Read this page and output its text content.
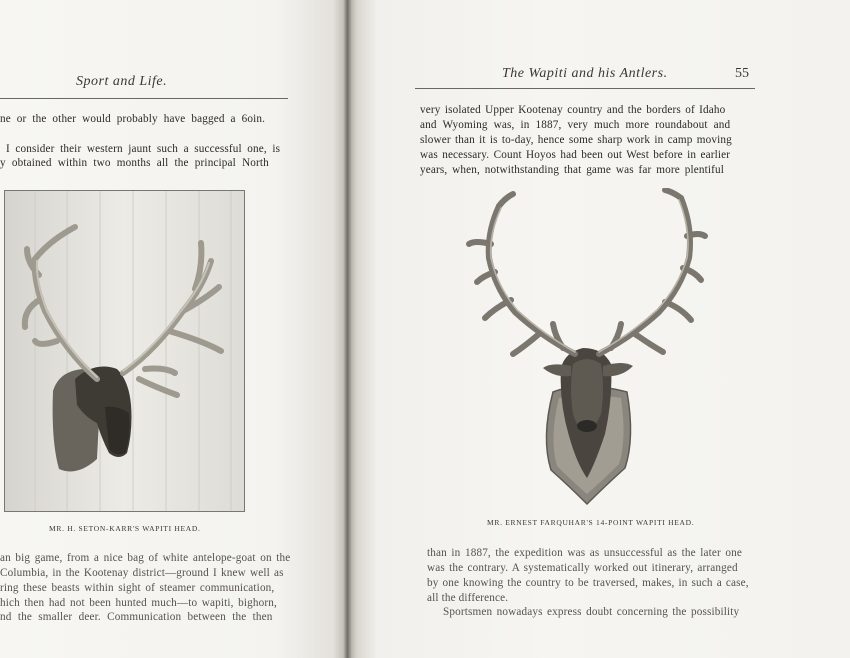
Sport and Life.
ne or the other would probably have bagged a 6oin.
I consider their western jaunt such a successful one, is
y obtained within two months all the principal North
MR. H. SETON-KARR'S WAPITI HEAD.
an big game, from a nice bag of white antelope-goat on the
Columbia, in the Kootenay district—ground I knew well as
ring these beasts within sight of steamer communication,
hich then had not been hunted much—to wapiti, bighorn,
nd the smaller deer. Communication between the then
The Wapiti and his Antlers.	55
very isolated Upper Kootenay country and the borders of Idaho
and Wyoming was, in 1887, very much more roundabout and
slower than it is to-day, hence some sharp work in camp moving
was necessary. Count Hoyos had been out West before in earlier
years, when, notwithstanding that game was far more plentiful
MR. ERNEST FARQUHAR'S 14-POINT WAPITI HEAD.
than in 1887, the expedition was as unsuccessful as the later one
was the contrary. A systematically worked out itinerary, arranged
by one knowing the country to be traversed, makes, in such a case,
all the difference.
Sportsmen nowadays express doubt concerning the possibility
